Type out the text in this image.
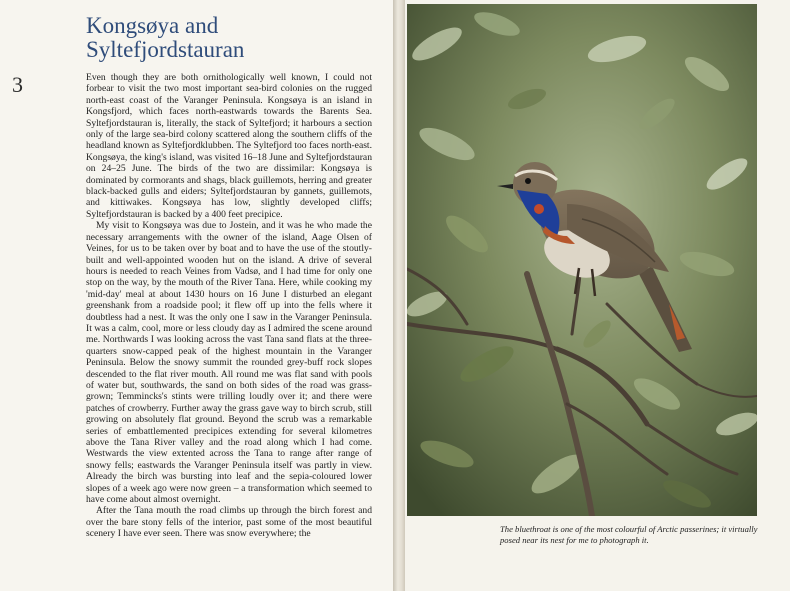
Kongsøya and
Syltefjordstauran
3	Even though they are both ornithologically well known, I could not forbear to visit the two most important sea-bird colonies on the rugged north-east coast of the Varanger Peninsula. Kongsøya is an island in Kongsfjord, which faces north-eastwards towards the Barents Sea. Syltefjordstauran is, literally, the stack of Syltefjord; it harbours a section only of the large sea-bird colony scattered along the southern cliffs of the headland known as Syltefjordklubben. The Syltefjord too faces north-east. Kongsøya, the king's island, was visited 16–18 June and Syltefjordstauran on 24–25 June. The birds of the two are dissimilar: Kongsøya is dominated by cormorants and shags, black guillemots, herring and greater black-backed gulls and eiders; Syltefjordstauran by gannets, guillemots, and kittiwakes. Kongsøya has low, slightly developed cliffs; Syltefjordstauran is backed by a 400 feet precipice.

My visit to Kongsøya was due to Jostein, and it was he who made the necessary arrangements with the owner of the island, Aage Olsen of Veines, for us to be taken over by boat and to have the use of the stoutly-built and well-appointed wooden hut on the island. A drive of several hours is needed to reach Veines from Vadsø, and I had time for only one stop on the way, by the mouth of the River Tana. Here, while cooking my 'mid-day' meal at about 1430 hours on 16 June I disturbed an elegant greenshank from a roadside pool; it flew off up into the fells where it doubtless had a nest. It was the only one I saw in the Varanger Peninsula. It was a calm, cool, more or less cloudy day as I admired the scene around me. Northwards I was looking across the vast Tana sand flats at the three-quarters snow-capped peak of the highest mountain in the Varanger Peninsula. Below the snowy summit the rounded grey-buff rock slopes descended to the flat river mouth. All round me was flat sand with pools of water but, southwards, the sand on both sides of the road was grass-grown; Temmincks's stints were trilling loudly over it; and there were patches of crowberry. Further away the grass gave way to birch scrub, still growing on absolutely flat ground. Beyond the scrub was a remarkable series of embattlemented precipices extending for several kilometres above the Tana River valley and the road along which I had come. Westwards the view extented across the Tana to range after range of snowy fells; eastwards the Varanger Peninsula itself was partly in view. Already the birch was bursting into leaf and the sepia-coloured lower slopes of a week ago were now green – a transformation which seemed to have come about almost overnight.

After the Tana mouth the road climbs up through the birch forest and over the bare stony fells of the interior, past some of the most beautiful scenery I have ever seen. There was snow everywhere; the	The bluethroat is one of the most colourful of Arctic passerines; it virtually posed near its nest for me to photograph it.
